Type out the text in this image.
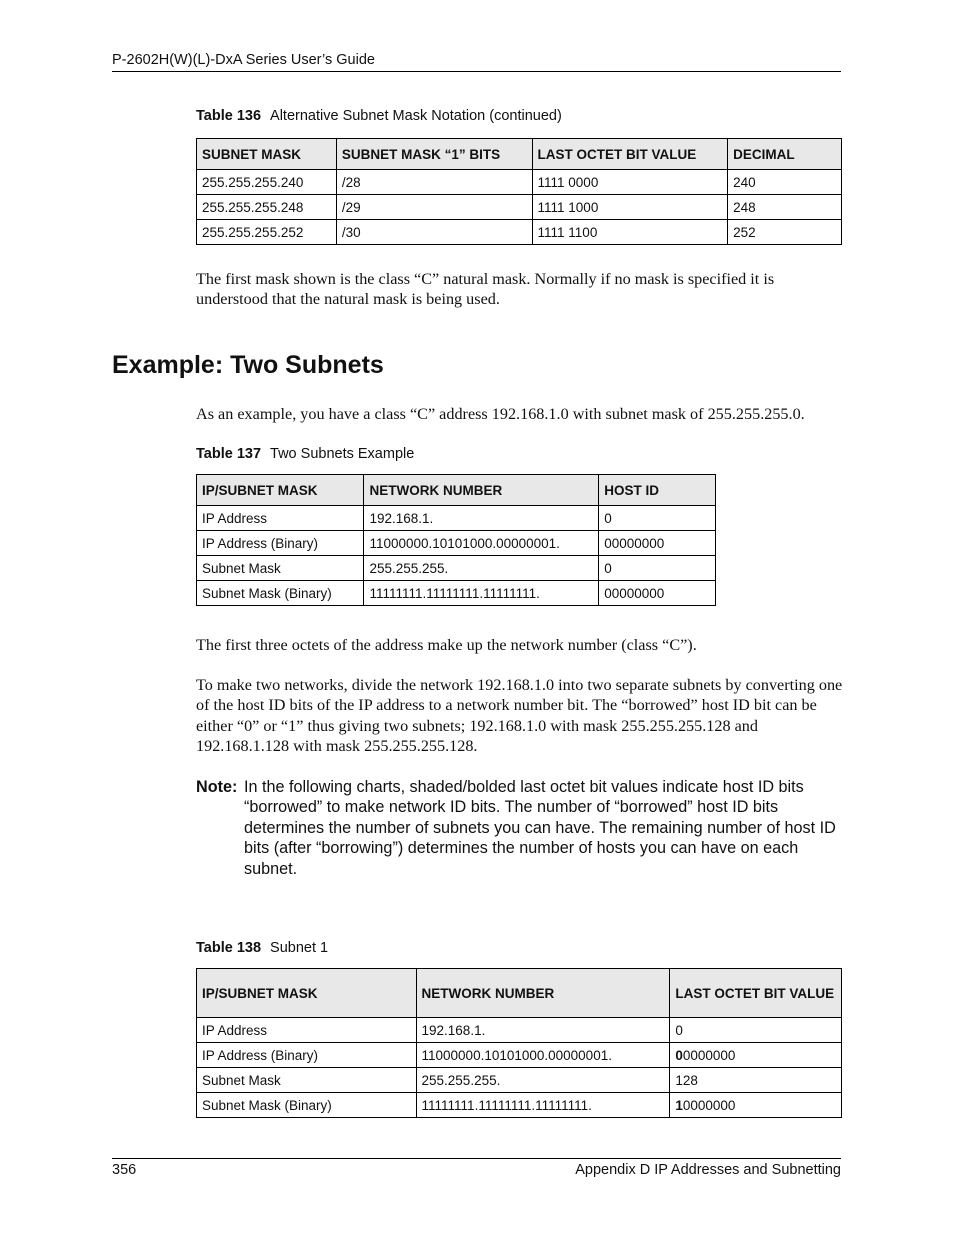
P-2602H(W)(L)-DxA Series User’s Guide
Table 136 Alternative Subnet Mask Notation (continued)
SUBNET MASK	SUBNET MASK “1” BITS	LAST OCTET BIT VALUE	DECIMAL
255.255.255.240	/28	1111 0000	240
255.255.255.248	/29	1111 1000	248
255.255.255.252	/30	1111 1100	252
The first mask shown is the class “C” natural mask. Normally if no mask is specified it is understood that the natural mask is being used.
Example: Two Subnets
As an example, you have a class “C” address 192.168.1.0 with subnet mask of 255.255.255.0.
Table 137 Two Subnets Example
IP/SUBNET MASK	NETWORK NUMBER	HOST ID
IP Address	192.168.1.	0
IP Address (Binary)	11000000.10101000.00000001.	00000000
Subnet Mask	255.255.255.	0
Subnet Mask (Binary)	11111111.11111111.11111111.	00000000
The first three octets of the address make up the network number (class “C”).
To make two networks, divide the network 192.168.1.0 into two separate subnets by converting one of the host ID bits of the IP address to a network number bit. The “borrowed” host ID bit can be either “0” or “1” thus giving two subnets; 192.168.1.0 with mask 255.255.255.128 and 192.168.1.128 with mask 255.255.255.128.
Note: In the following charts, shaded/bolded last octet bit values indicate host ID bits “borrowed” to make network ID bits. The number of “borrowed” host ID bits determines the number of subnets you can have. The remaining number of host ID bits (after “borrowing”) determines the number of hosts you can have on each subnet.
Table 138 Subnet 1
IP/SUBNET MASK	NETWORK NUMBER	LAST OCTET BIT VALUE
IP Address	192.168.1.	0
IP Address (Binary)	11000000.10101000.00000001.	00000000
Subnet Mask	255.255.255.	128
Subnet Mask (Binary)	11111111.11111111.11111111.	10000000
356	Appendix D IP Addresses and Subnetting
